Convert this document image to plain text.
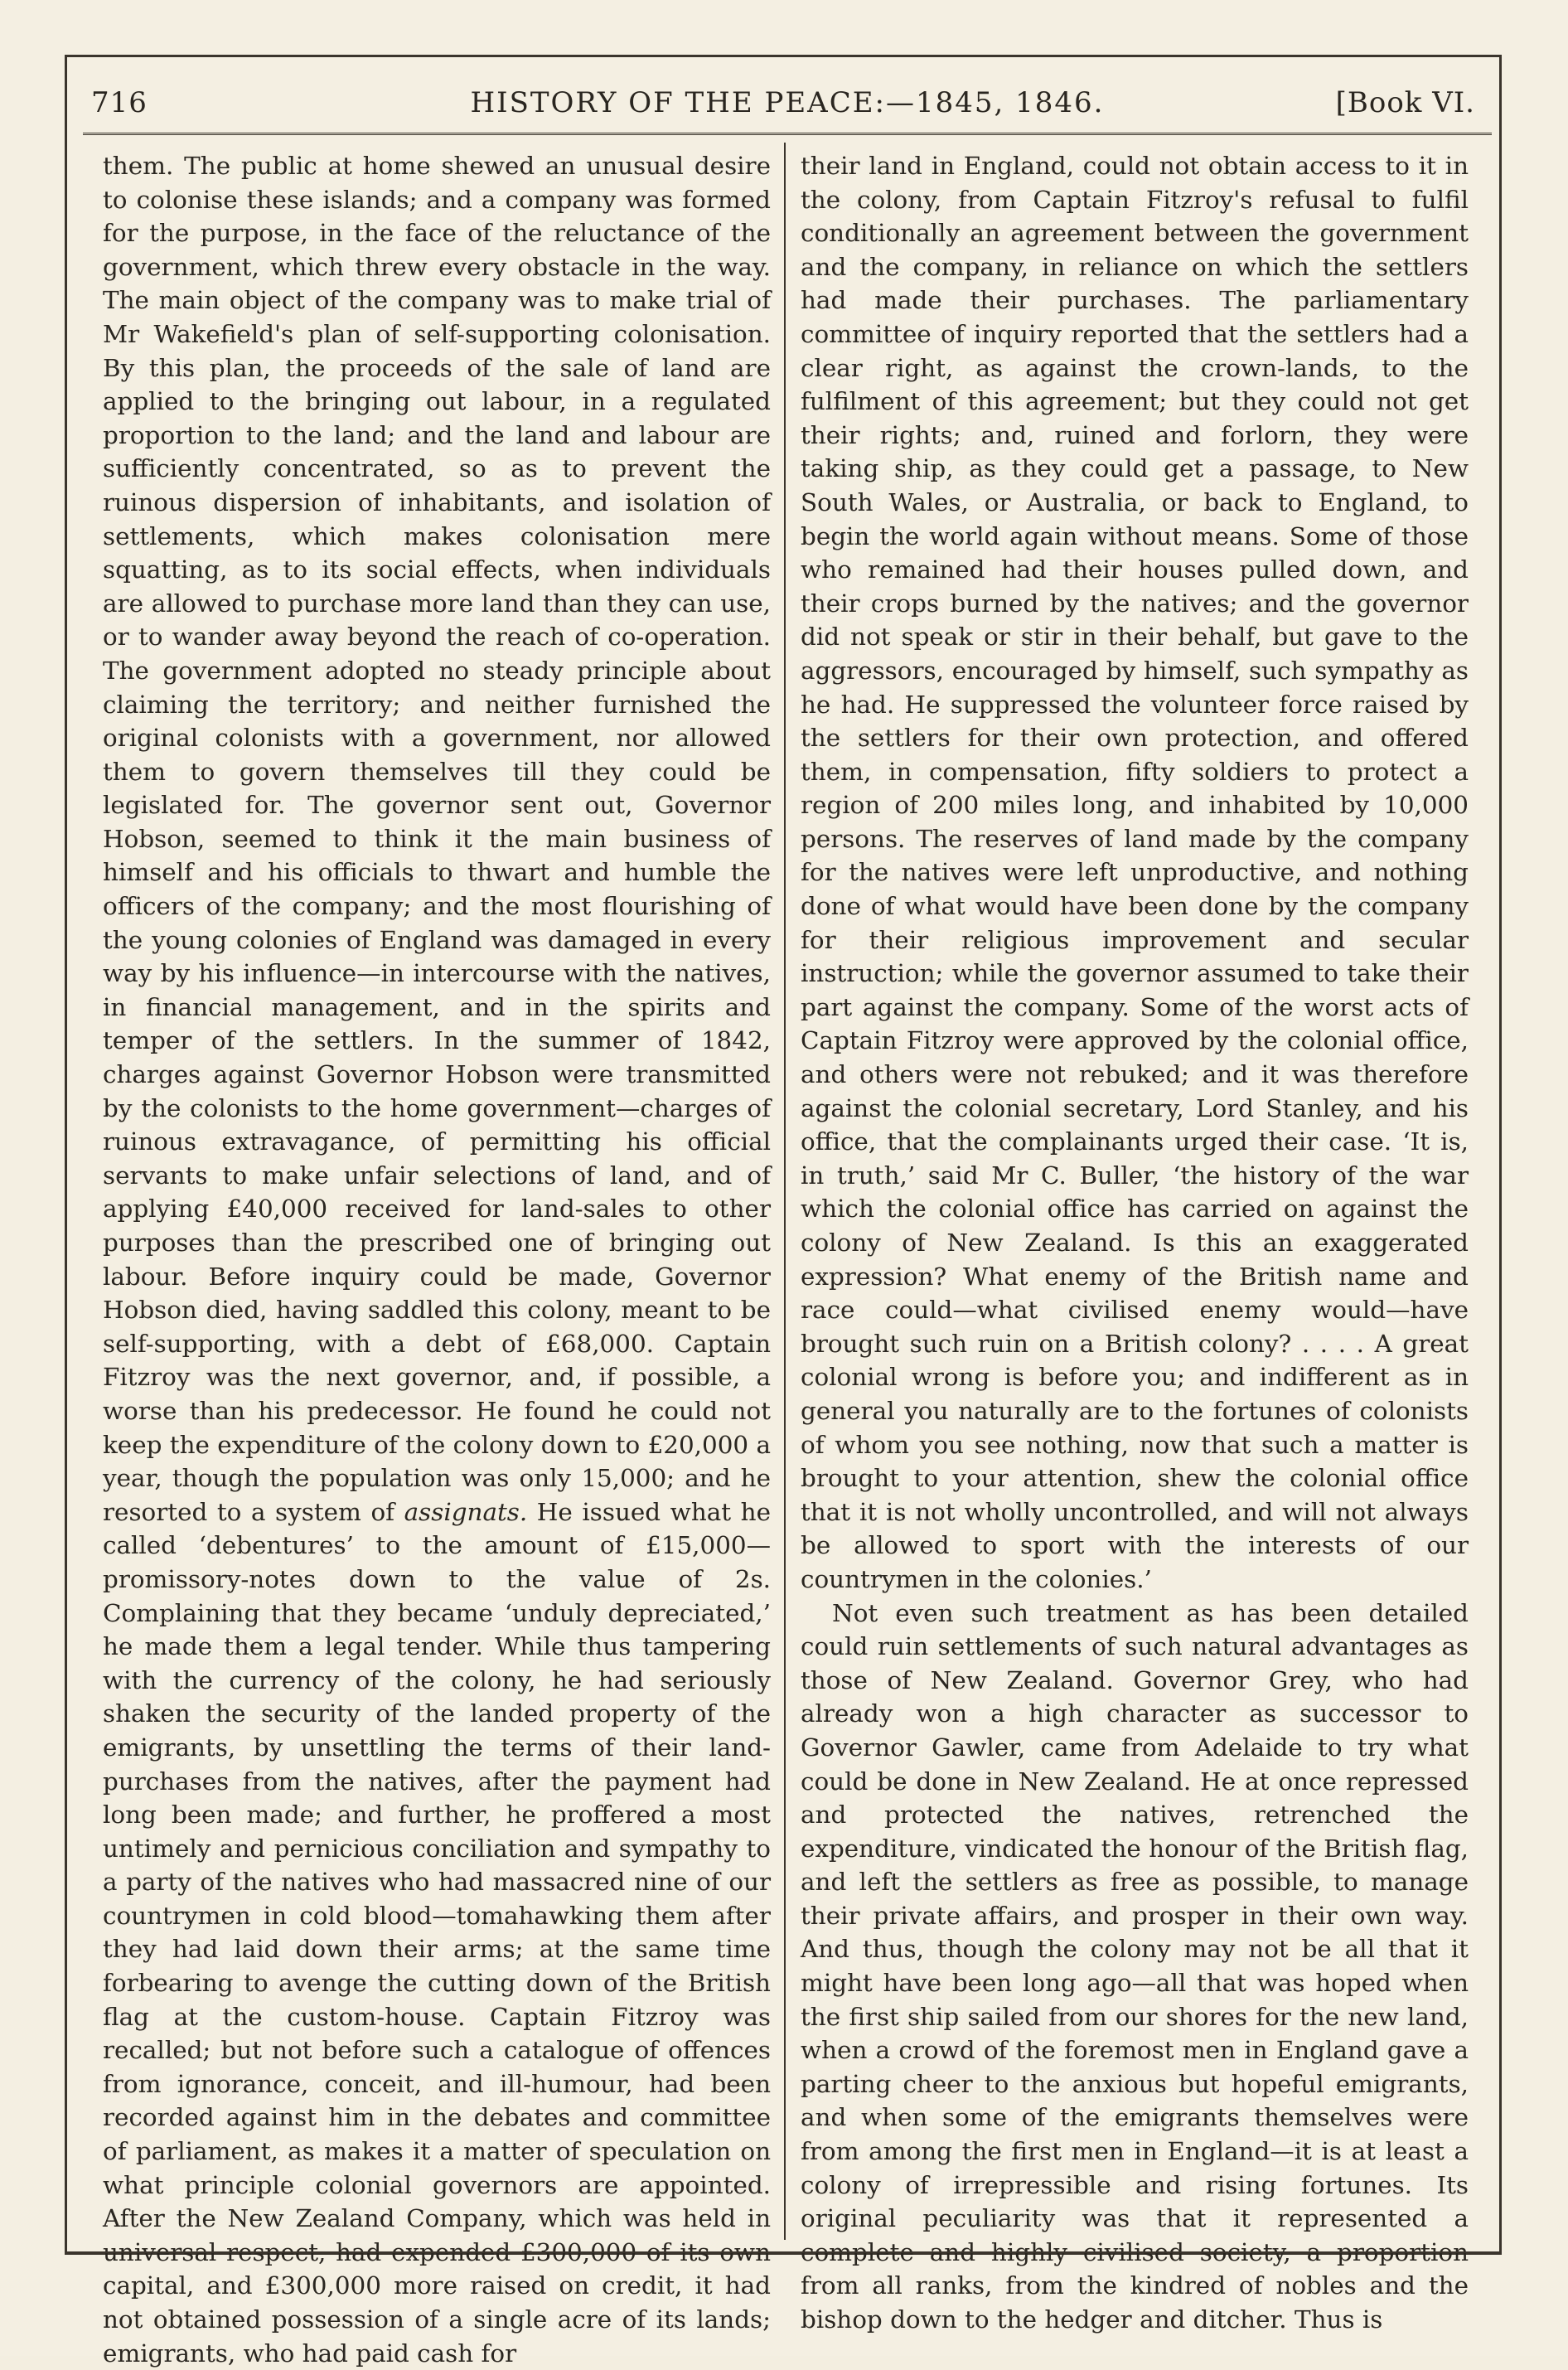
716	HISTORY OF THE PEACE:—1845, 1846.	[Book VI.

them. The public at home shewed an unusual desire to colonise these islands; and a company was formed for the purpose, in the face of the reluctance of the government, which threw every obstacle in the way. The main object of the company was to make trial of Mr Wakefield's plan of self-supporting colonisation. By this plan, the proceeds of the sale of land are applied to the bringing out labour, in a regulated proportion to the land; and the land and labour are sufficiently concentrated, so as to prevent the ruinous dispersion of inhabitants, and isolation of settlements, which makes colonisation mere squatting, as to its social effects, when individuals are allowed to purchase more land than they can use, or to wander away beyond the reach of co-operation. The government adopted no steady principle about claiming the territory; and neither furnished the original colonists with a government, nor allowed them to govern themselves till they could be legislated for. The governor sent out, Governor Hobson, seemed to think it the main business of himself and his officials to thwart and humble the officers of the company; and the most flourishing of the young colonies of England was damaged in every way by his influence—in intercourse with the natives, in financial management, and in the spirits and temper of the settlers. In the summer of 1842, charges against Governor Hobson were transmitted by the colonists to the home government—charges of ruinous extravagance, of permitting his official servants to make unfair selections of land, and of applying £40,000 received for land-sales to other purposes than the prescribed one of bringing out labour. Before inquiry could be made, Governor Hobson died, having saddled this colony, meant to be self-supporting, with a debt of £68,000. Captain Fitzroy was the next governor, and, if possible, a worse than his predecessor. He found he could not keep the expenditure of the colony down to £20,000 a year, though the population was only 15,000; and he resorted to a system of assignats. He issued what he called ‘debentures’ to the amount of £15,000—promissory-notes down to the value of 2s. Complaining that they became ‘unduly depreciated,’ he made them a legal tender. While thus tampering with the currency of the colony, he had seriously shaken the security of the landed property of the emigrants, by unsettling the terms of their land-purchases from the natives, after the payment had long been made; and further, he proffered a most untimely and pernicious conciliation and sympathy to a party of the natives who had massacred nine of our countrymen in cold blood—tomahawking them after they had laid down their arms; at the same time forbearing to avenge the cutting down of the British flag at the custom-house. Captain Fitzroy was recalled; but not before such a catalogue of offences from ignorance, conceit, and ill-humour, had been recorded against him in the debates and committee of parliament, as makes it a matter of speculation on what principle colonial governors are appointed. After the New Zealand Company, which was held in universal respect, had expended £300,000 of its own capital, and £300,000 more raised on credit, it had not obtained possession of a single acre of its lands; emigrants, who had paid cash for

their land in England, could not obtain access to it in the colony, from Captain Fitzroy's refusal to fulfil conditionally an agreement between the government and the company, in reliance on which the settlers had made their purchases. The parliamentary committee of inquiry reported that the settlers had a clear right, as against the crown-lands, to the fulfilment of this agreement; but they could not get their rights; and, ruined and forlorn, they were taking ship, as they could get a passage, to New South Wales, or Australia, or back to England, to begin the world again without means. Some of those who remained had their houses pulled down, and their crops burned by the natives; and the governor did not speak or stir in their behalf, but gave to the aggressors, encouraged by himself, such sympathy as he had. He suppressed the volunteer force raised by the settlers for their own protection, and offered them, in compensation, fifty soldiers to protect a region of 200 miles long, and inhabited by 10,000 persons. The reserves of land made by the company for the natives were left unproductive, and nothing done of what would have been done by the company for their religious improvement and secular instruction; while the governor assumed to take their part against the company. Some of the worst acts of Captain Fitzroy were approved by the colonial office, and others were not rebuked; and it was therefore against the colonial secretary, Lord Stanley, and his office, that the complainants urged their case. ‘It is, in truth,’ said Mr C. Buller, ‘the history of the war which the colonial office has carried on against the colony of New Zealand. Is this an exaggerated expression? What enemy of the British name and race could—what civilised enemy would—have brought such ruin on a British colony? . . . . A great colonial wrong is before you; and indifferent as in general you naturally are to the fortunes of colonists of whom you see nothing, now that such a matter is brought to your attention, shew the colonial office that it is not wholly uncontrolled, and will not always be allowed to sport with the interests of our countrymen in the colonies.’

Not even such treatment as has been detailed could ruin settlements of such natural advantages as those of New Zealand. Governor Grey, who had already won a high character as successor to Governor Gawler, came from Adelaide to try what could be done in New Zealand. He at once repressed and protected the natives, retrenched the expenditure, vindicated the honour of the British flag, and left the settlers as free as possible, to manage their private affairs, and prosper in their own way. And thus, though the colony may not be all that it might have been long ago—all that was hoped when the first ship sailed from our shores for the new land, when a crowd of the foremost men in England gave a parting cheer to the anxious but hopeful emigrants, and when some of the emigrants themselves were from among the first men in England—it is at least a colony of irrepressible and rising fortunes. Its original peculiarity was that it represented a complete and highly civilised society, a proportion from all ranks, from the kindred of nobles and the bishop down to the hedger and ditcher. Thus is
